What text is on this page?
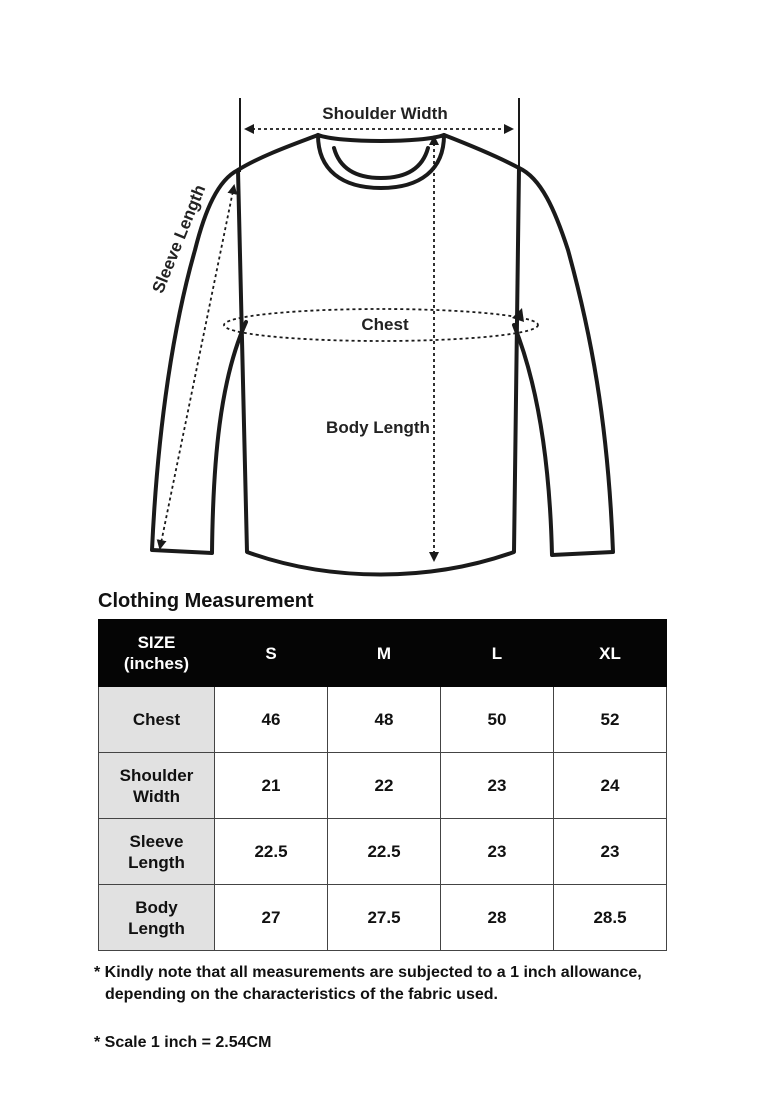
Shoulder Width
Sleeve Length
Chest
Body Length
Clothing Measurement
SIZE
(inches)	S	M	L	XL
Chest	46	48	50	52
Shoulder
Width	21	22	23	24
Sleeve
Length	22.5	22.5	23	23
Body
Length	27	27.5	28	28.5

* Kindly note that all measurements are subjected to a 1 inch allowance,
depending on the characteristics of the fabric used.

* Scale 1 inch = 2.54CM
